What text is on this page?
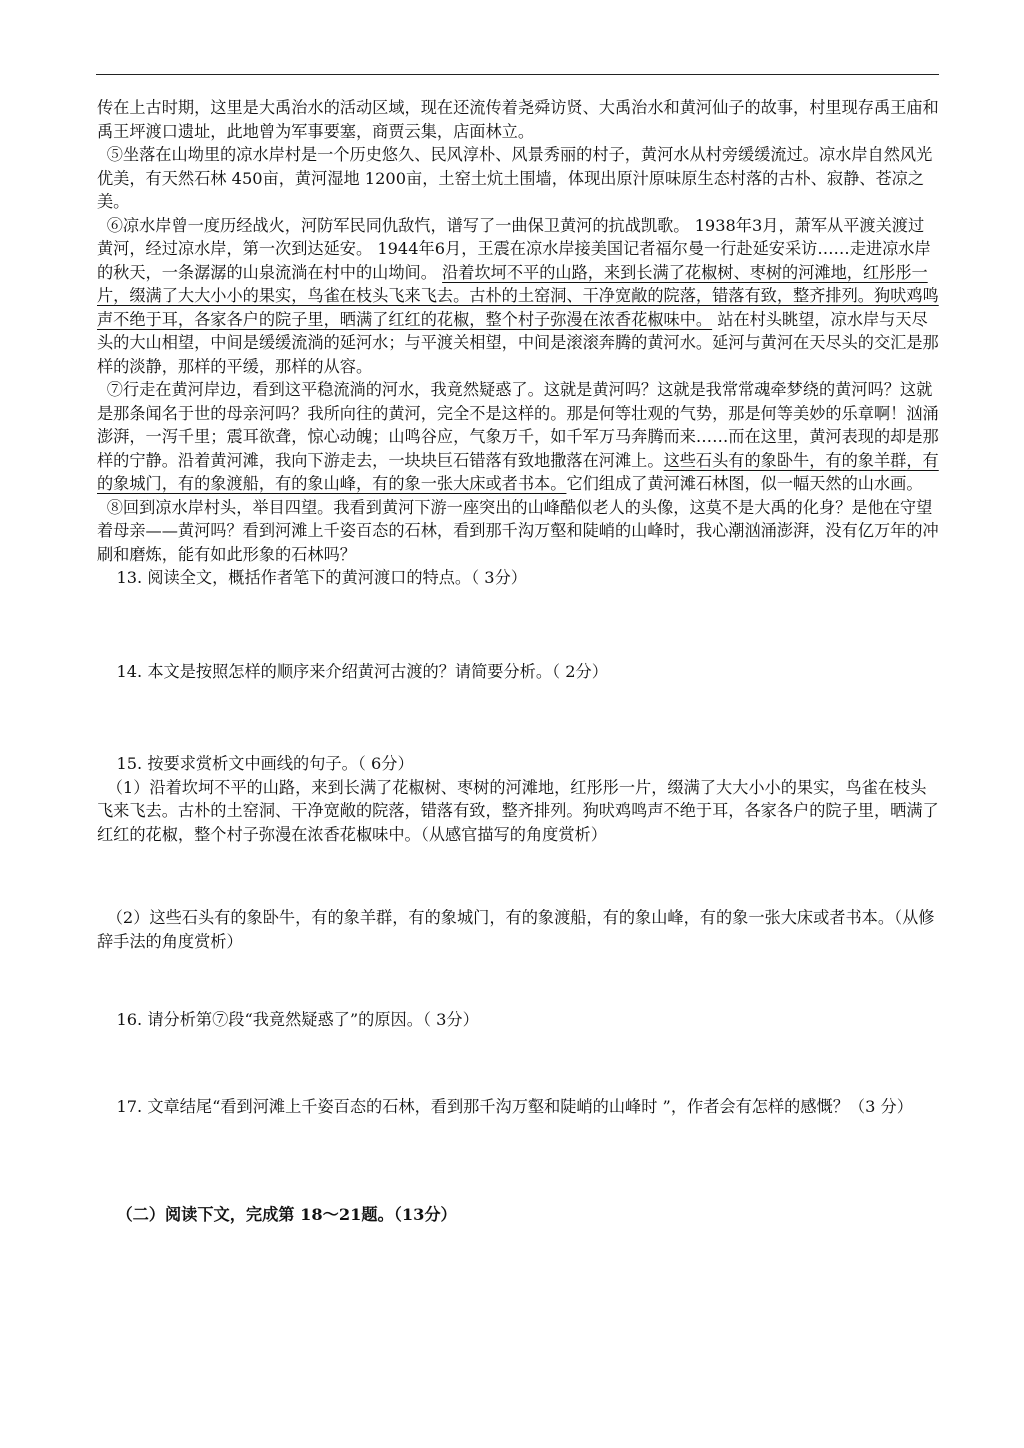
传在上古时期，这里是大禹治水的活动区域，现在还流传着尧舜访贤、大禹治水和黄河仙子的故事，村里现存禹王庙和禹王坪渡口遗址，此地曾为军事要塞，商贾云集，店面林立。

⑤坐落在山坳里的凉水岸村是一个历史悠久、民风淳朴、风景秀丽的村子，黄河水从村旁缓缓流过。凉水岸自然风光优美，有天然石林 450亩，黄河湿地 1200亩，土窑土炕土围墙，体现出原汁原味原生态村落的古朴、寂静、苍凉之美。

⑥凉水岸曾一度历经战火，河防军民同仇敌忾，谱写了一曲保卫黄河的抗战凯歌。 1938年3月，萧军从平渡关渡过黄河，经过凉水岸，第一次到达延安。 1944年6月，王震在凉水岸接美国记者福尔曼一行赴延安采访……走进凉水岸的秋天，一条潺潺的山泉流淌在村中的山坳间。 沿着坎坷不平的山路，来到长满了花椒树、枣树的河滩地，红彤彤一片，缀满了大大小小的果实，鸟雀在枝头飞来飞去。古朴的土窑洞、干净宽敞的院落，错落有致，整齐排列。狗吠鸡鸣声不绝于耳，各家各户的院子里，晒满了红红的花椒，整个村子弥漫在浓香花椒味中。 站在村头眺望，凉水岸与天尽头的大山相望，中间是缓缓流淌的延河水；与平渡关相望，中间是滚滚奔腾的黄河水。延河与黄河在天尽头的交汇是那样的淡静，那样的平缓，那样的从容。

⑦行走在黄河岸边，看到这平稳流淌的河水，我竟然疑惑了。这就是黄河吗？这就是我常常魂牵梦绕的黄河吗？这就是那条闻名于世的母亲河吗？我所向往的黄河，完全不是这样的。那是何等壮观的气势，那是何等美妙的乐章啊！汹涌澎湃，一泻千里；震耳欲聋，惊心动魄；山鸣谷应，气象万千，如千军万马奔腾而来……而在这里，黄河表现的却是那样的宁静。沿着黄河滩，我向下游走去，一块块巨石错落有致地撒落在河滩上。这些石头有的象卧牛，有的象羊群，有的象城门，有的象渡船，有的象山峰，有的象一张大床或者书本。它们组成了黄河滩石林图，似一幅天然的山水画。

⑧回到凉水岸村头，举目四望。我看到黄河下游一座突出的山峰酷似老人的头像，这莫不是大禹的化身？是他在守望着母亲——黄河吗？看到河滩上千姿百态的石林，看到那千沟万壑和陡峭的山峰时，我心潮汹涌澎湃，没有亿万年的冲刷和磨炼，能有如此形象的石林吗？

13. 阅读全文，概括作者笔下的黄河渡口的特点。（ 3分）

14. 本文是按照怎样的顺序来介绍黄河古渡的？请简要分析。（ 2分）

15. 按要求赏析文中画线的句子。（ 6分）

（1）沿着坎坷不平的山路，来到长满了花椒树、枣树的河滩地，红彤彤一片，缀满了大大小小的果实，鸟雀在枝头飞来飞去。古朴的土窑洞、干净宽敞的院落，错落有致，整齐排列。狗吠鸡鸣声不绝于耳，各家各户的院子里，晒满了红红的花椒，整个村子弥漫在浓香花椒味中。（从感官描写的角度赏析）

（2）这些石头有的象卧牛，有的象羊群，有的象城门，有的象渡船，有的象山峰，有的象一张大床或者书本。（从修辞手法的角度赏析）

16. 请分析第⑦段“我竟然疑惑了”的原因。（ 3分）

17. 文章结尾“看到河滩上千姿百态的石林，看到那千沟万壑和陡峭的山峰时 ”，作者会有怎样的感慨？（3 分）

（二）阅读下文，完成第 18～21题。（13分）
